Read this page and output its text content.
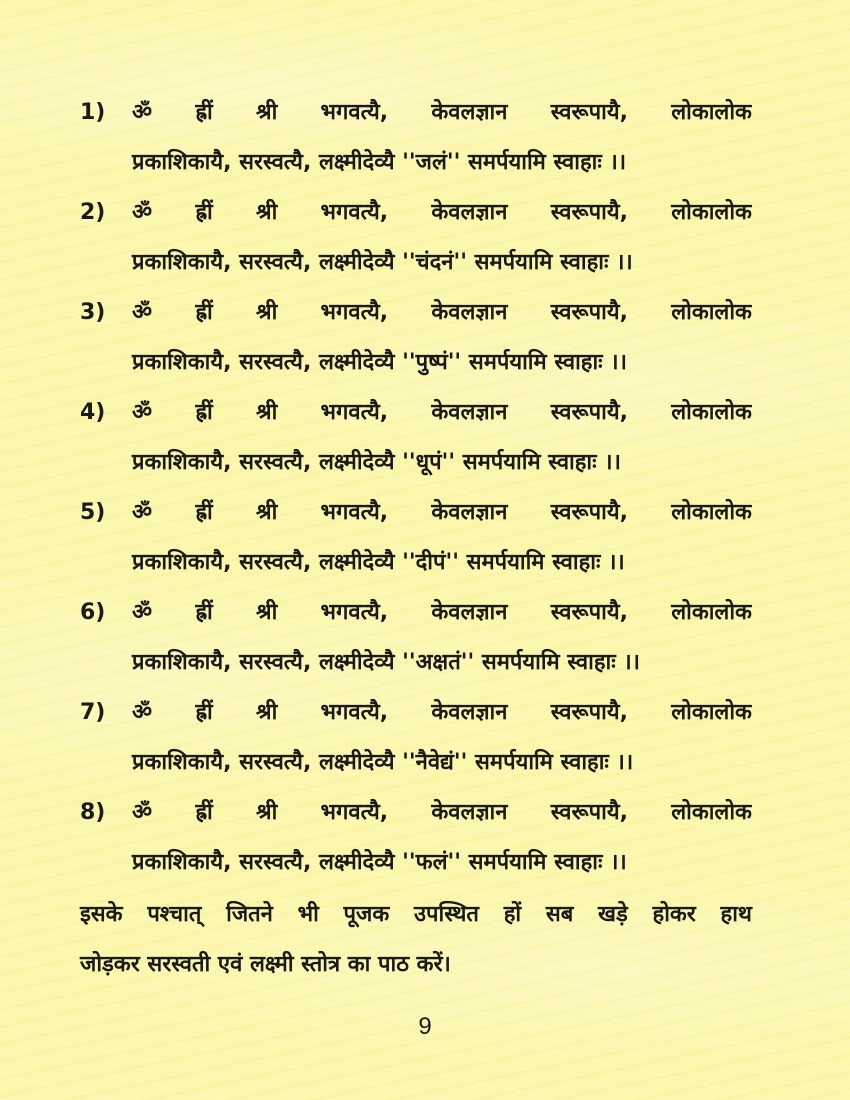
1)	ॐ ह्रीं श्री भगवत्यै, केवलज्ञान स्वरूपायै, लोकालोक
प्रकाशिकायै, सरस्वत्यै, लक्ष्मीदेव्यै ''जलं'' समर्पयामि स्वाहाः ।।
2)	ॐ ह्रीं श्री भगवत्यै, केवलज्ञान स्वरूपायै, लोकालोक
प्रकाशिकायै, सरस्वत्यै, लक्ष्मीदेव्यै ''चंदनं'' समर्पयामि स्वाहाः ।।
3)	ॐ ह्रीं श्री भगवत्यै, केवलज्ञान स्वरूपायै, लोकालोक
प्रकाशिकायै, सरस्वत्यै, लक्ष्मीदेव्यै ''पुष्पं'' समर्पयामि स्वाहाः ।।
4)	ॐ ह्रीं श्री भगवत्यै, केवलज्ञान स्वरूपायै, लोकालोक
प्रकाशिकायै, सरस्वत्यै, लक्ष्मीदेव्यै ''धूपं'' समर्पयामि स्वाहाः ।।
5)	ॐ ह्रीं श्री भगवत्यै, केवलज्ञान स्वरूपायै, लोकालोक
प्रकाशिकायै, सरस्वत्यै, लक्ष्मीदेव्यै ''दीपं'' समर्पयामि स्वाहाः ।।
6)	ॐ ह्रीं श्री भगवत्यै, केवलज्ञान स्वरूपायै, लोकालोक
प्रकाशिकायै, सरस्वत्यै, लक्ष्मीदेव्यै ''अक्षतं'' समर्पयामि स्वाहाः ।।
7)	ॐ ह्रीं श्री भगवत्यै, केवलज्ञान स्वरूपायै, लोकालोक
प्रकाशिकायै, सरस्वत्यै, लक्ष्मीदेव्यै ''नैवेद्यं'' समर्पयामि स्वाहाः ।।
8)	ॐ ह्रीं श्री भगवत्यै, केवलज्ञान स्वरूपायै, लोकालोक
प्रकाशिकायै, सरस्वत्यै, लक्ष्मीदेव्यै ''फलं'' समर्पयामि स्वाहाः ।।
इसके पश्चात् जितने भी पूजक उपस्थित हों सब खड़े होकर हाथ
जोड़कर सरस्वती एवं लक्ष्मी स्तोत्र का पाठ करें।
9
